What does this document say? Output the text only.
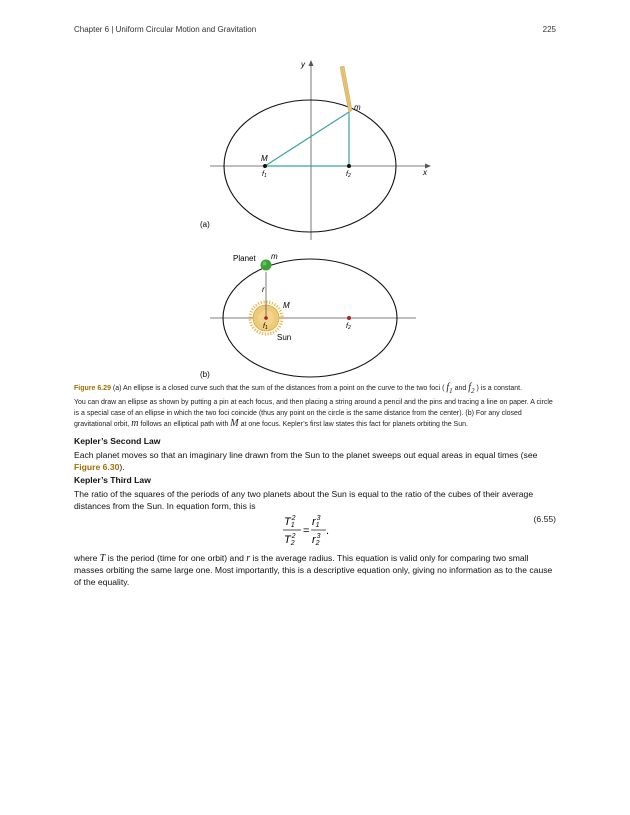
Chapter 6 | Uniform Circular Motion and Gravitation	225
y
x
m
M
f1	f2
(a)
Planet m
r
M
f1	f2
Sun
(b)
Figure 6.29 (a) An ellipse is a closed curve such that the sum of the distances from a point on the curve to the two foci ( $f_1$ and $f_2$ ) is a constant.
You can draw an ellipse as shown by putting a pin at each focus, and then placing a string around a pencil and the pins and tracing a line on paper. A circle is a special case of an ellipse in which the two foci coincide (thus any point on the circle is the same distance from the center). (b) For any closed gravitational orbit, m follows an elliptical path with M at one focus. Kepler’s first law states this fact for planets orbiting the Sun.
Kepler’s Second Law
Each planet moves so that an imaginary line drawn from the Sun to the planet sweeps out equal areas in equal times (see Figure 6.30).
Kepler’s Third Law
The ratio of the squares of the periods of any two planets about the Sun is equal to the ratio of the cubes of their average distances from the Sun. In equation form, this is
T12
T22 =
r13
r23 .
(6.55)
where T is the period (time for one orbit) and r is the average radius. This equation is valid only for comparing two small masses orbiting the same large one. Most importantly, this is a descriptive equation only, giving no information as to the cause of the equality.
